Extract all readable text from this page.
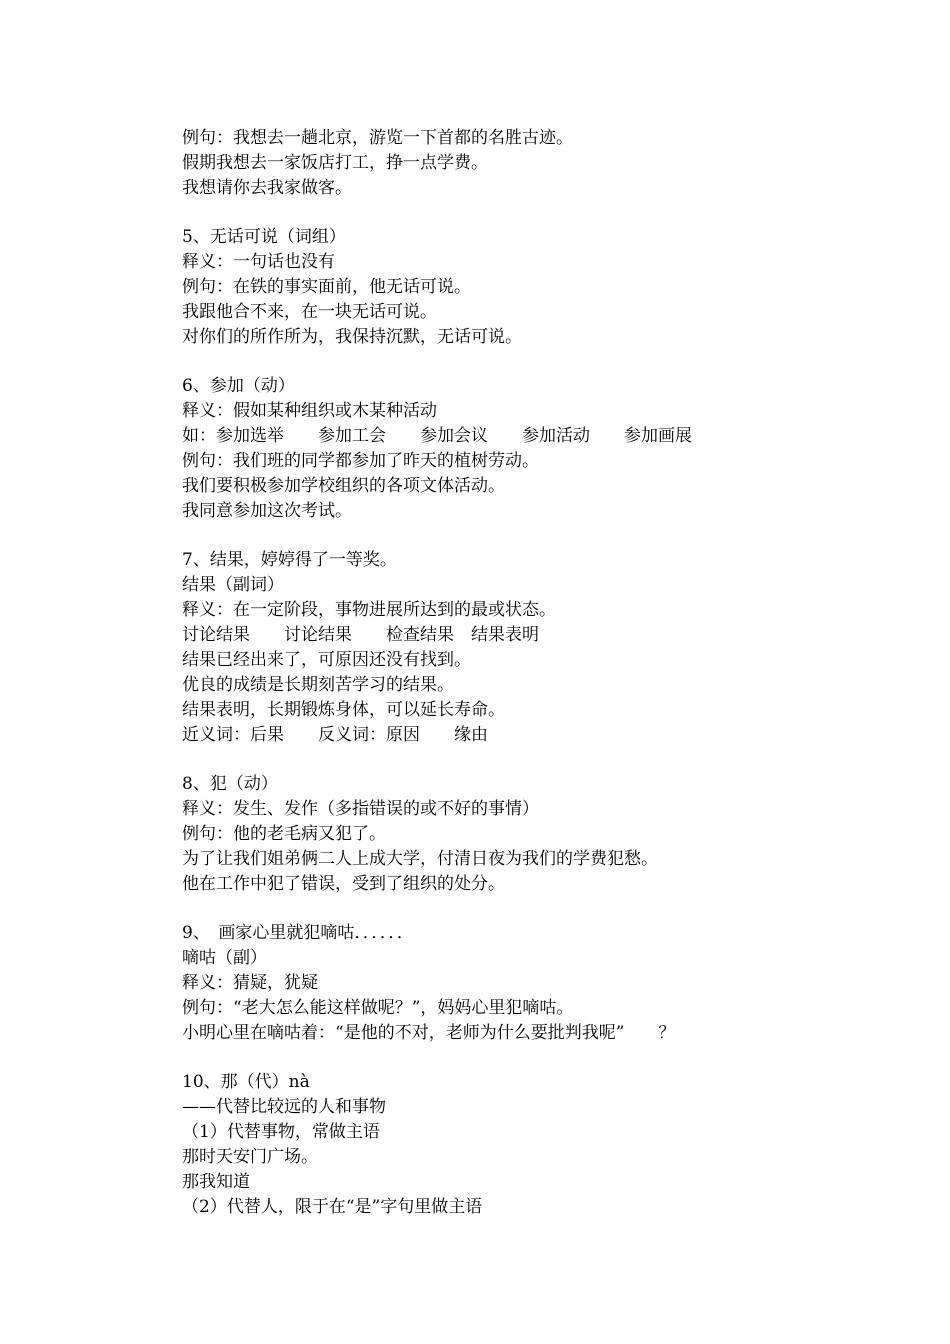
例句：我想去一趟北京，游览一下首都的名胜古迹。
假期我想去一家饭店打工，挣一点学费。
我想请你去我家做客。
5、无话可说（词组）
释义：一句话也没有
例句：在铁的事实面前，他无话可说。
我跟他合不来，在一块无话可说。
对你们的所作所为，我保持沉默，无话可说。
6、参加（动）
释义：假如某种组织或木某种活动
如：参加选举　　参加工会　　参加会议　　参加活动　　参加画展
例句：我们班的同学都参加了昨天的植树劳动。
我们要积极参加学校组织的各项文体活动。
我同意参加这次考试。
7、结果，婷婷得了一等奖。
结果（副词）
释义：在一定阶段，事物进展所达到的最或状态。
讨论结果　　讨论结果　　检查结果　结果表明
结果已经出来了，可原因还没有找到。
优良的成绩是长期刻苦学习的结果。
结果表明，长期锻炼身体，可以延长寿命。
近义词：后果　　反义词：原因　　缘由
8、犯（动）
释义：发生、发作（多指错误的或不好的事情）
例句：他的老毛病又犯了。
为了让我们姐弟俩二人上成大学，付清日夜为我们的学费犯愁。
他在工作中犯了错误，受到了组织的处分。
9、　画家心里就犯嘀咕．．．．．．
嘀咕（副）
释义：猜疑，犹疑
例句：“老大怎么能这样做呢？”，妈妈心里犯嘀咕。
小明心里在嘀咕着：“是他的不对，老师为什么要批判我呢”　　？
10、那（代）nà
——代替比较远的人和事物
（1）代替事物，常做主语
那时天安门广场。
那我知道
（2）代替人，限于在“是”字句里做主语
